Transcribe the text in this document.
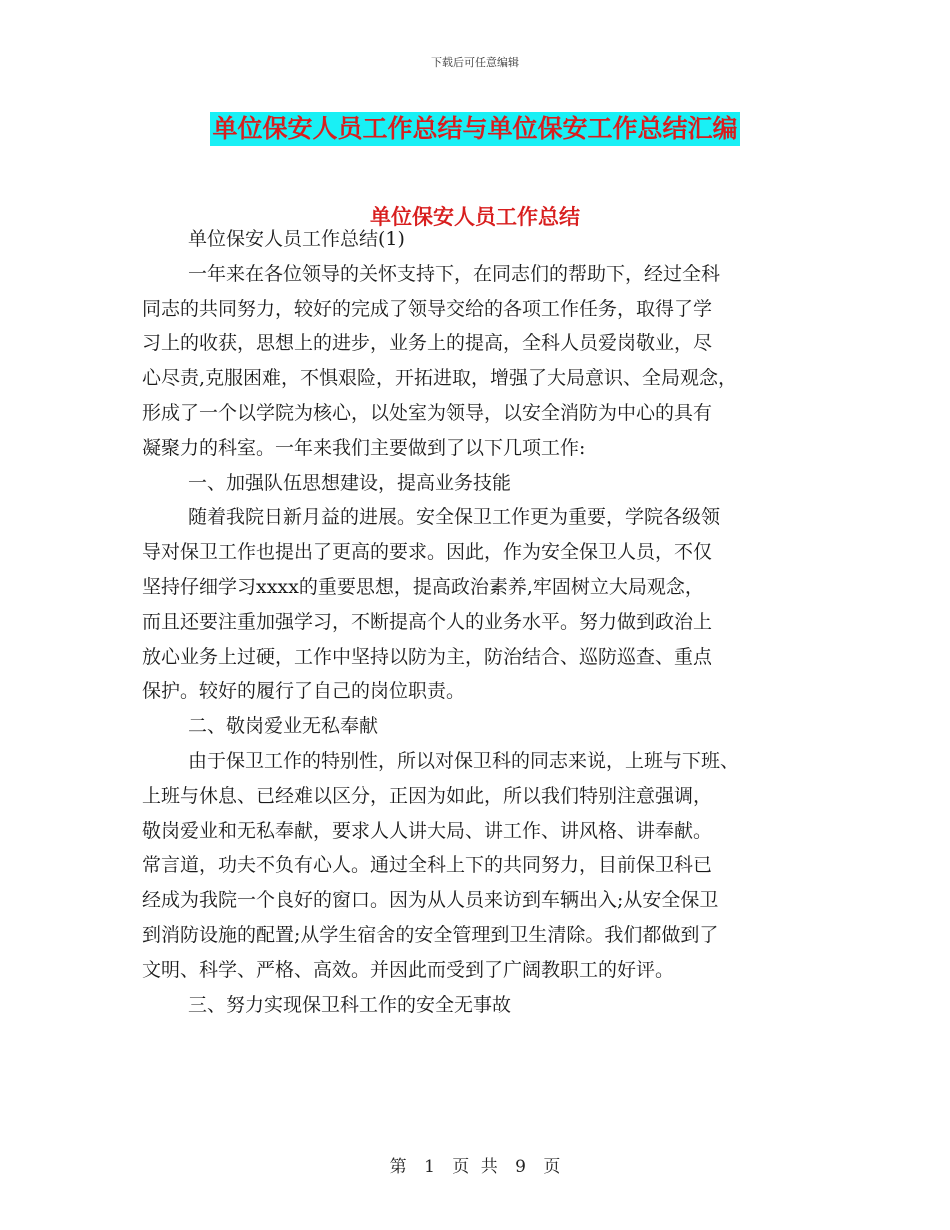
下载后可任意编辑
单位保安人员工作总结与单位保安工作总结汇编
单位保安人员工作总结
单位保安人员工作总结(1)
一年来在各位领导的关怀支持下，在同志们的帮助下，经过全科
同志的共同努力，较好的完成了领导交给的各项工作任务，取得了学
习上的收获，思想上的进步，业务上的提高，全科人员爱岗敬业，尽
心尽责,克服困难，不惧艰险，开拓进取，增强了大局意识、全局观念，
形成了一个以学院为核心，以处室为领导，以安全消防为中心的具有
凝聚力的科室。一年来我们主要做到了以下几项工作:
一、加强队伍思想建设，提高业务技能
随着我院日新月益的进展。安全保卫工作更为重要，学院各级领
导对保卫工作也提出了更高的要求。因此，作为安全保卫人员，不仅
坚持仔细学习xxxx的重要思想，提高政治素养,牢固树立大局观念，
而且还要注重加强学习，不断提高个人的业务水平。努力做到政治上
放心业务上过硬，工作中坚持以防为主，防治结合、巡防巡查、重点
保护。较好的履行了自己的岗位职责。
二、敬岗爱业无私奉献
由于保卫工作的特别性，所以对保卫科的同志来说，上班与下班、
上班与休息、已经难以区分，正因为如此，所以我们特别注意强调，
敬岗爱业和无私奉献，要求人人讲大局、讲工作、讲风格、讲奉献。
常言道，功夫不负有心人。通过全科上下的共同努力，目前保卫科已
经成为我院一个良好的窗口。因为从人员来访到车辆出入;从安全保卫
到消防设施的配置;从学生宿舍的安全管理到卫生清除。我们都做到了
文明、科学、严格、高效。并因此而受到了广阔教职工的好评。
三、努力实现保卫科工作的安全无事故
第 1 页 共 9 页
